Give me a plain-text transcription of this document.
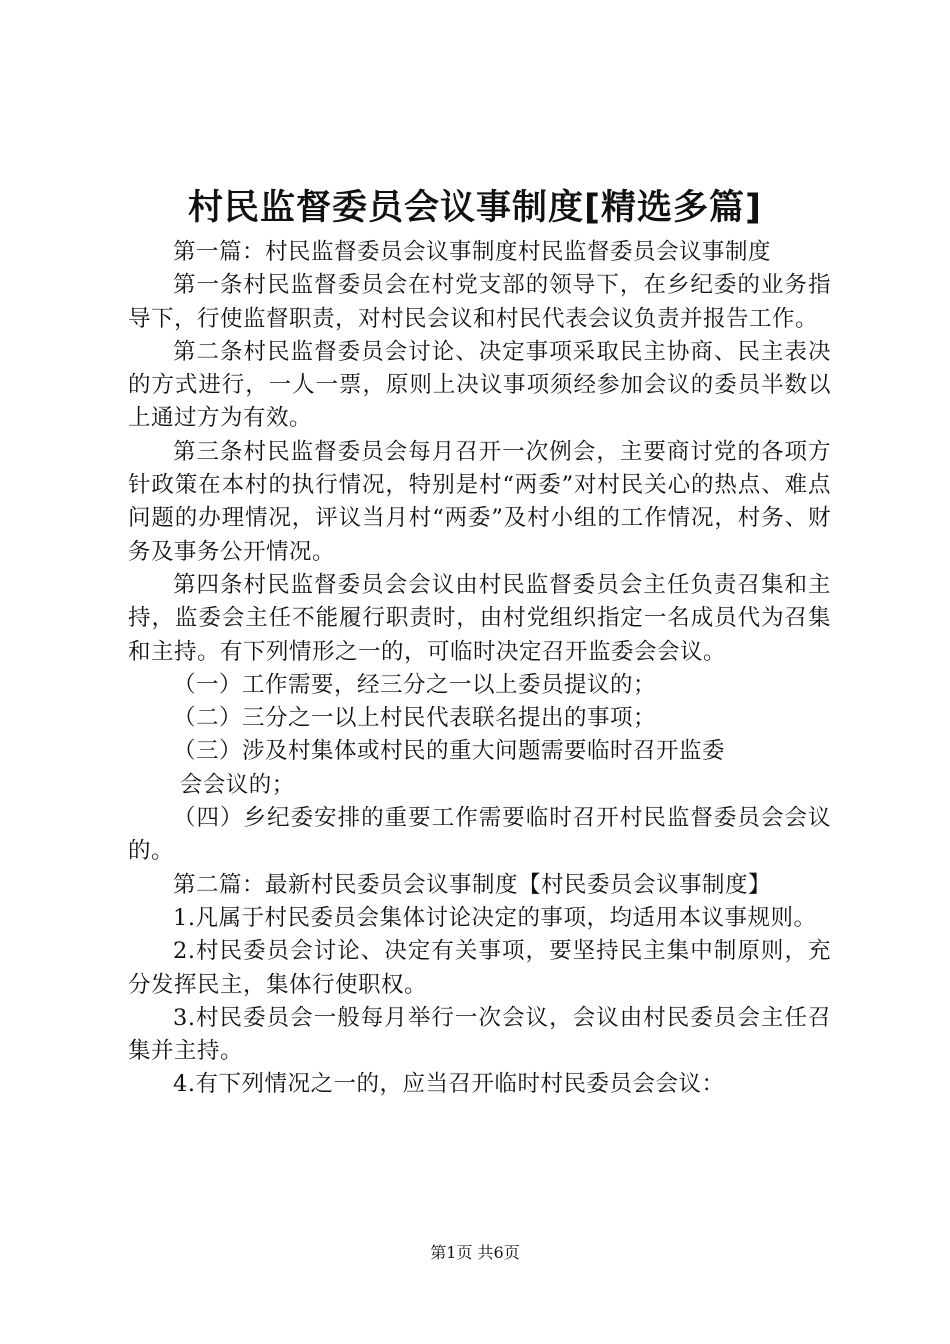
村民监督委员会议事制度[精选多篇]

第一篇：村民监督委员会议事制度村民监督委员会议事制度

第一条村民监督委员会在村党支部的领导下，在乡纪委的业务指导下，行使监督职责，对村民会议和村民代表会议负责并报告工作。

第二条村民监督委员会讨论、决定事项采取民主协商、民主表决的方式进行，一人一票，原则上决议事项须经参加会议的委员半数以上通过方为有效。

第三条村民监督委员会每月召开一次例会，主要商讨党的各项方针政策在本村的执行情况，特别是村“两委”对村民关心的热点、难点问题的办理情况，评议当月村“两委”及村小组的工作情况，村务、财务及事务公开情况。

第四条村民监督委员会会议由村民监督委员会主任负责召集和主持，监委会主任不能履行职责时，由村党组织指定一名成员代为召集和主持。有下列情形之一的，可临时决定召开监委会会议。

（一）工作需要，经三分之一以上委员提议的；

（二）三分之一以上村民代表联名提出的事项；

（三）涉及村集体或村民的重大问题需要临时召开监委

会会议的；

（四）乡纪委安排的重要工作需要临时召开村民监督委员会会议的。

第二篇：最新村民委员会议事制度【村民委员会议事制度】

1.凡属于村民委员会集体讨论决定的事项，均适用本议事规则。

2.村民委员会讨论、决定有关事项，要坚持民主集中制原则，充分发挥民主，集体行使职权。

3.村民委员会一般每月举行一次会议，会议由村民委员会主任召集并主持。

4.有下列情况之一的，应当召开临时村民委员会会议：

第1页 共6页
